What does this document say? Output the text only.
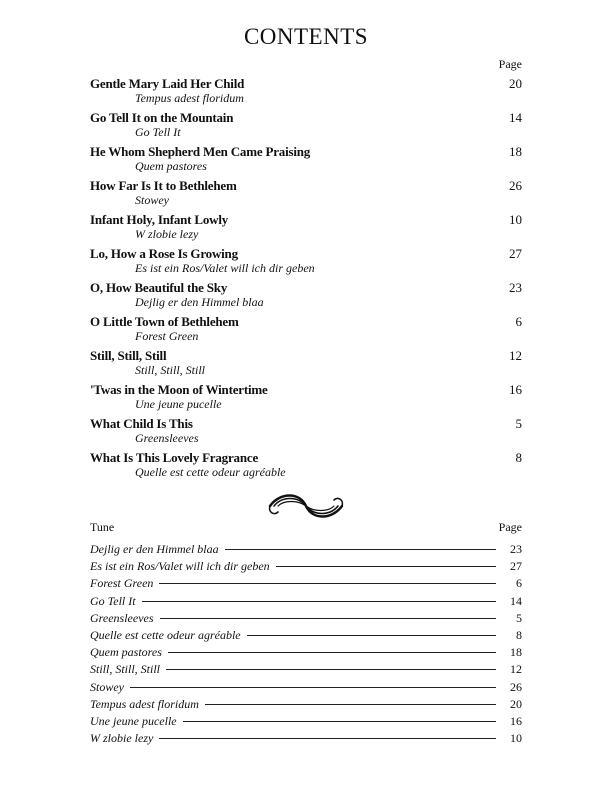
CONTENTS
Page
Gentle Mary Laid Her Child	20
Tempus adest floridum
Go Tell It on the Mountain	14
Go Tell It
He Whom Shepherd Men Came Praising	18
Quem pastores
How Far Is It to Bethlehem	26
Stowey
Infant Holy, Infant Lowly	10
W zlobie lezy
Lo, How a Rose Is Growing	27
Es ist ein Ros/Valet will ich dir geben
O, How Beautiful the Sky	23
Dejlig er den Himmel blaa
O Little Town of Bethlehem	6
Forest Green
Still, Still, Still	12
Still, Still, Still
'Twas in the Moon of Wintertime	16
Une jeune pucelle
What Child Is This	5
Greensleeves
What Is This Lovely Fragrance	8
Quelle est cette odeur agréable
Tune	Page
Dejlig er den Himmel blaa	23
Es ist ein Ros/Valet will ich dir geben	27
Forest Green	6
Go Tell It	14
Greensleeves	5
Quelle est cette odeur agréable	8
Quem pastores	18
Still, Still, Still	12
Stowey	26
Tempus adest floridum	20
Une jeune pucelle	16
W zlobie lezy	10
